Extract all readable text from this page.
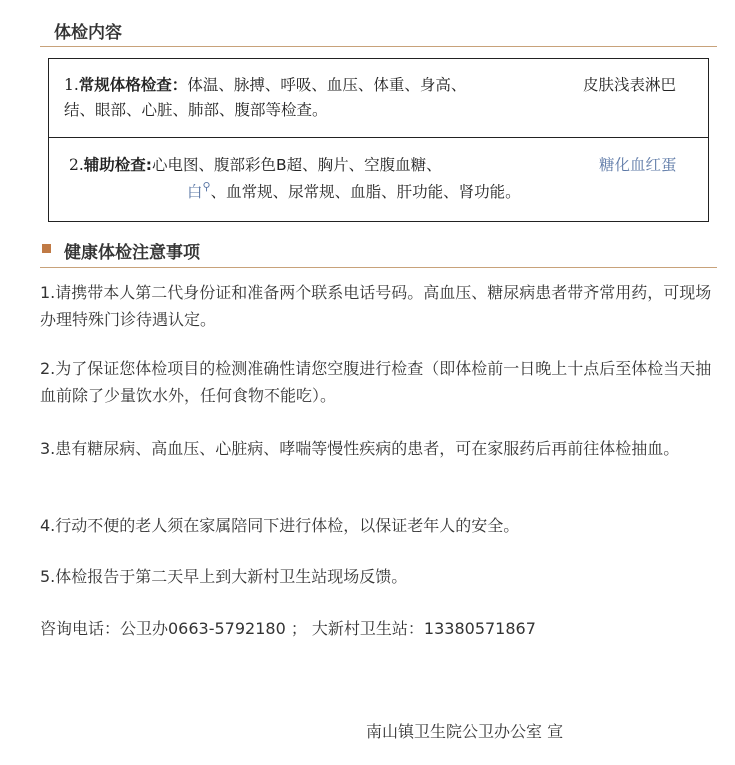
体检内容
1.常规体格检查：体温、脉搏、呼吸、血压、体重、身高、	皮肤浅表淋巴
结、眼部、心脏、肺部、腹部等检查。
2.辅助检查:心电图、腹部彩色B超、胸片、空腹血糖、	糖化血红蛋
白⚲、血常规、尿常规、血脂、肝功能、肾功能。
健康体检注意事项

1.请携带本人第二代身份证和准备两个联系电话号码。高血压、糖尿病患者带齐常用药，可现场办理特殊门诊待遇认定。

2.为了保证您体检项目的检测准确性请您空腹进行检查（即体检前一日晚上十点后至体检当天抽血前除了少量饮水外，任何食物不能吃）。

3.患有糖尿病、高血压、心脏病、哮喘等慢性疾病的患者，可在家服药后再前往体检抽血。

4.行动不便的老人须在家属陪同下进行体检，以保证老年人的安全。

5.体检报告于第二天早上到大新村卫生站现场反馈。

咨询电话：公卫办0663-5792180 ； 大新村卫生站：13380571867

南山镇卫生院公卫办公室 宣
